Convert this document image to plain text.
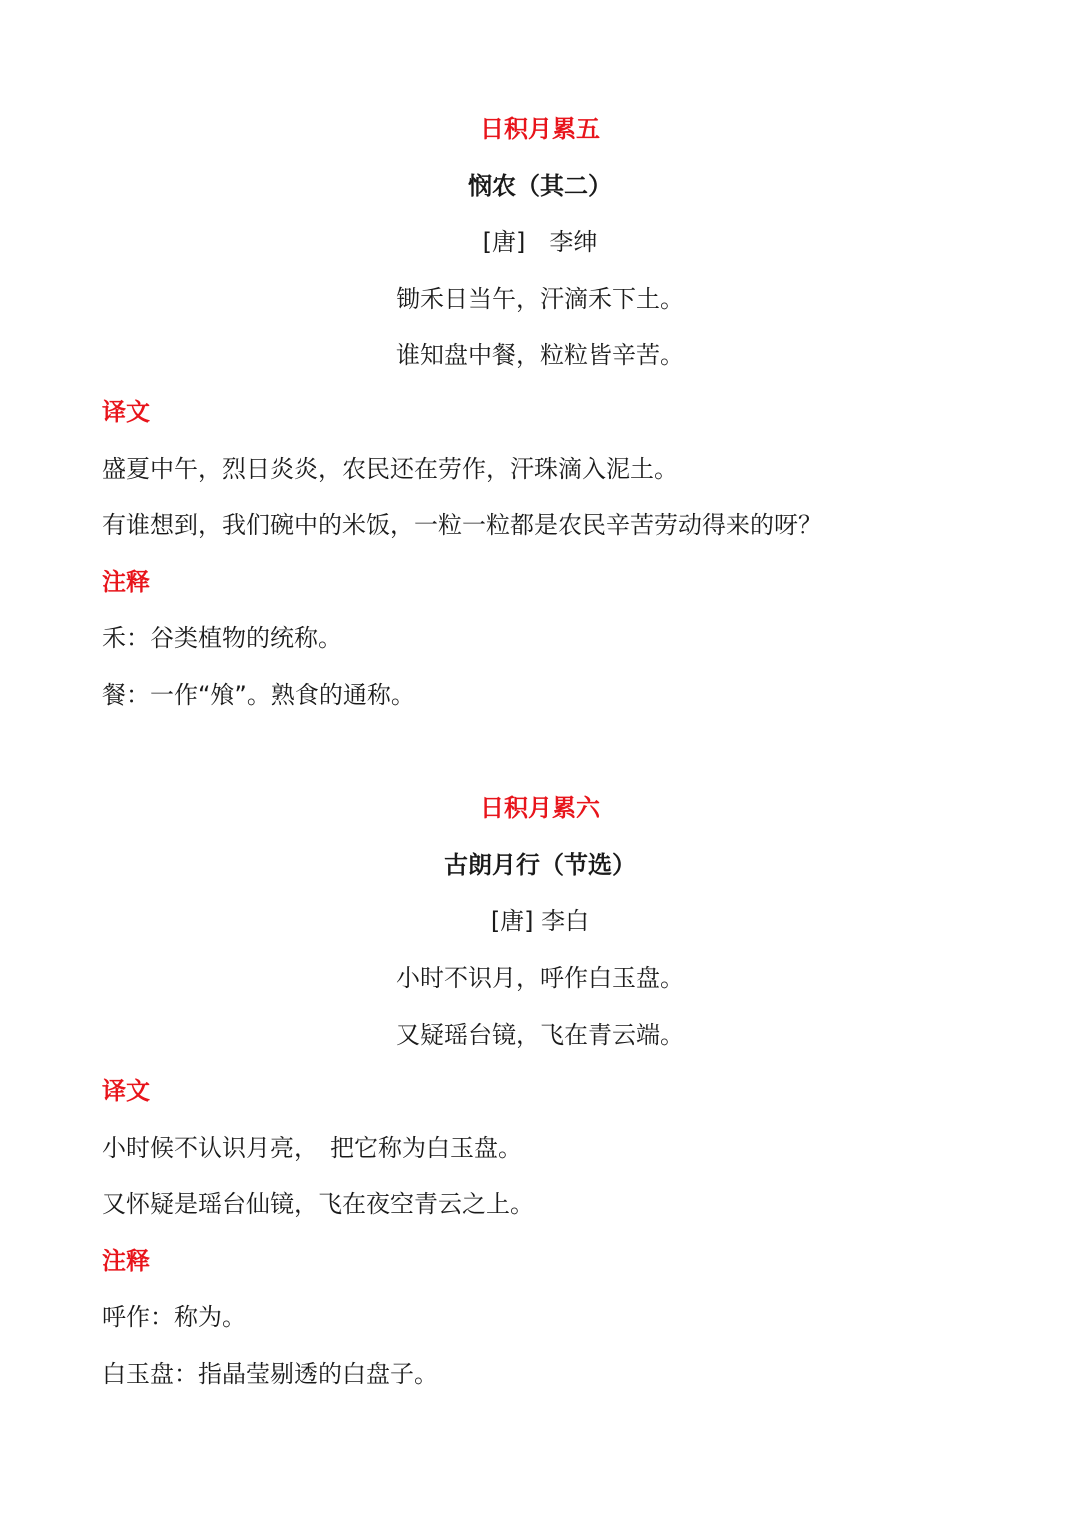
日积月累五
悯农（其二）
[唐]　李绅
锄禾日当午，汗滴禾下土。
谁知盘中餐，粒粒皆辛苦。
译文
盛夏中午，烈日炎炎，农民还在劳作，汗珠滴入泥土。
有谁想到，我们碗中的米饭，一粒一粒都是农民辛苦劳动得来的呀？
注释
禾：谷类植物的统称。
餐：一作“飧”。熟食的通称。
日积月累六
古朗月行（节选）
[唐] 李白
小时不识月，呼作白玉盘。
又疑瑶台镜，飞在青云端。
译文
小时候不认识月亮，　把它称为白玉盘。
又怀疑是瑶台仙镜，飞在夜空青云之上。
注释
呼作：称为。
白玉盘：指晶莹剔透的白盘子。
